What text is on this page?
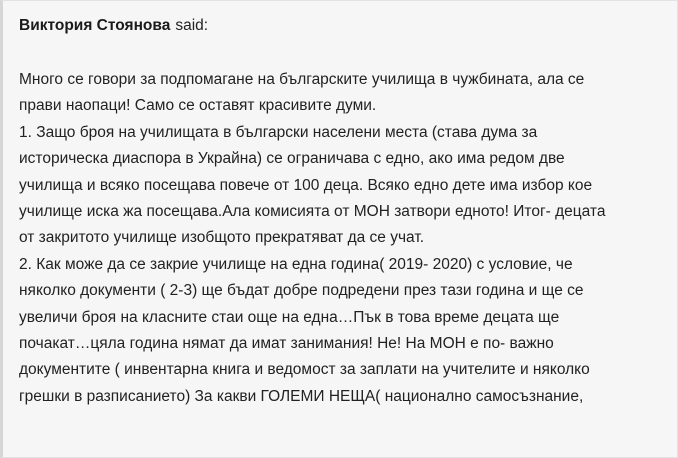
Виктория Стоянова said:
Много се говори за подпомагане на българските училища в чужбината, ала се
прави наопаци! Само се оставят красивите думи.
1. Защо броя на училищата в български населени места (става дума за
историческа диаспора в Украйна) се ограничава с едно, ако има редом две
училища и всяко посещава повече от 100 деца. Всяко едно дете има избор кое
училище иска жа посещава.Ала комисията от МОН затвори едното! Итог- децата
от закритото училище изобщото прекратяват да се учат.
2. Как може да се закрие училище на една година( 2019- 2020) с условие, че
няколко документи ( 2-3) ще бъдат добре подредени през тази година и ще се
увеличи броя на класните стаи още на една…Пък в това време децата ще
почакат…цяла година нямат да имат занимания! Не! На МОН е по- важно
документите ( инвентарна книга и ведомост за заплати на учителите и няколко
грешки в разписанието) За какви ГОЛЕМИ НЕЩА( национално самосъзнание,
